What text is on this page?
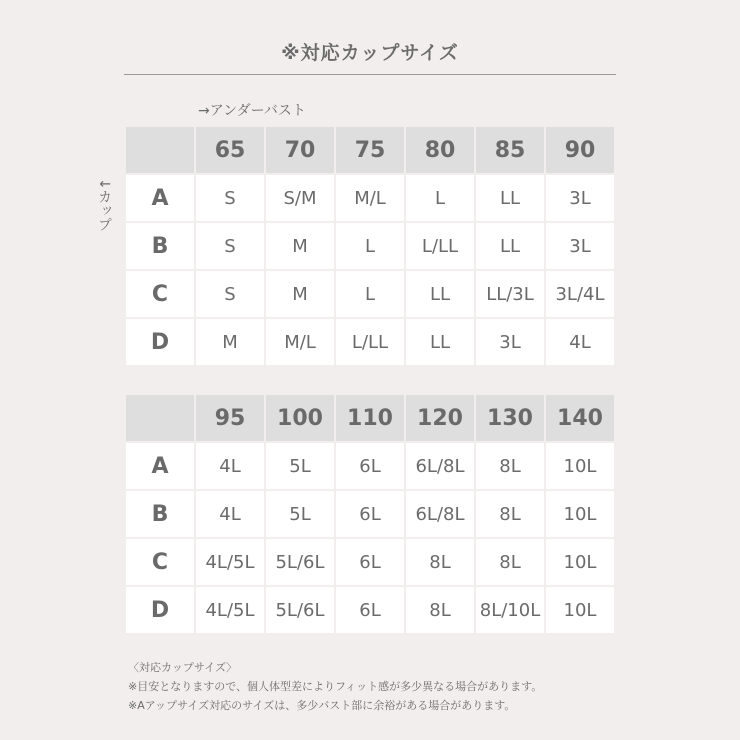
※対応カップサイズ
→アンダーバスト
↓カップ
	65	70	75	80	85	90
A	S	S/M	M/L	L	LL	3L
B	S	M	L	L/LL	LL	3L
C	S	M	L	LL	LL/3L	3L/4L
D	M	M/L	L/LL	LL	3L	4L
	95	100	110	120	130	140
A	4L	5L	6L	6L/8L	8L	10L
B	4L	5L	6L	6L/8L	8L	10L
C	4L/5L	5L/6L	6L	8L	8L	10L
D	4L/5L	5L/6L	6L	8L	8L/10L	10L
〈対応カップサイズ〉
※目安となりますので、個人体型差によりフィット感が多少異なる場合があります。
※Aアップサイズ対応のサイズは、多少バスト部に余裕がある場合があります。
